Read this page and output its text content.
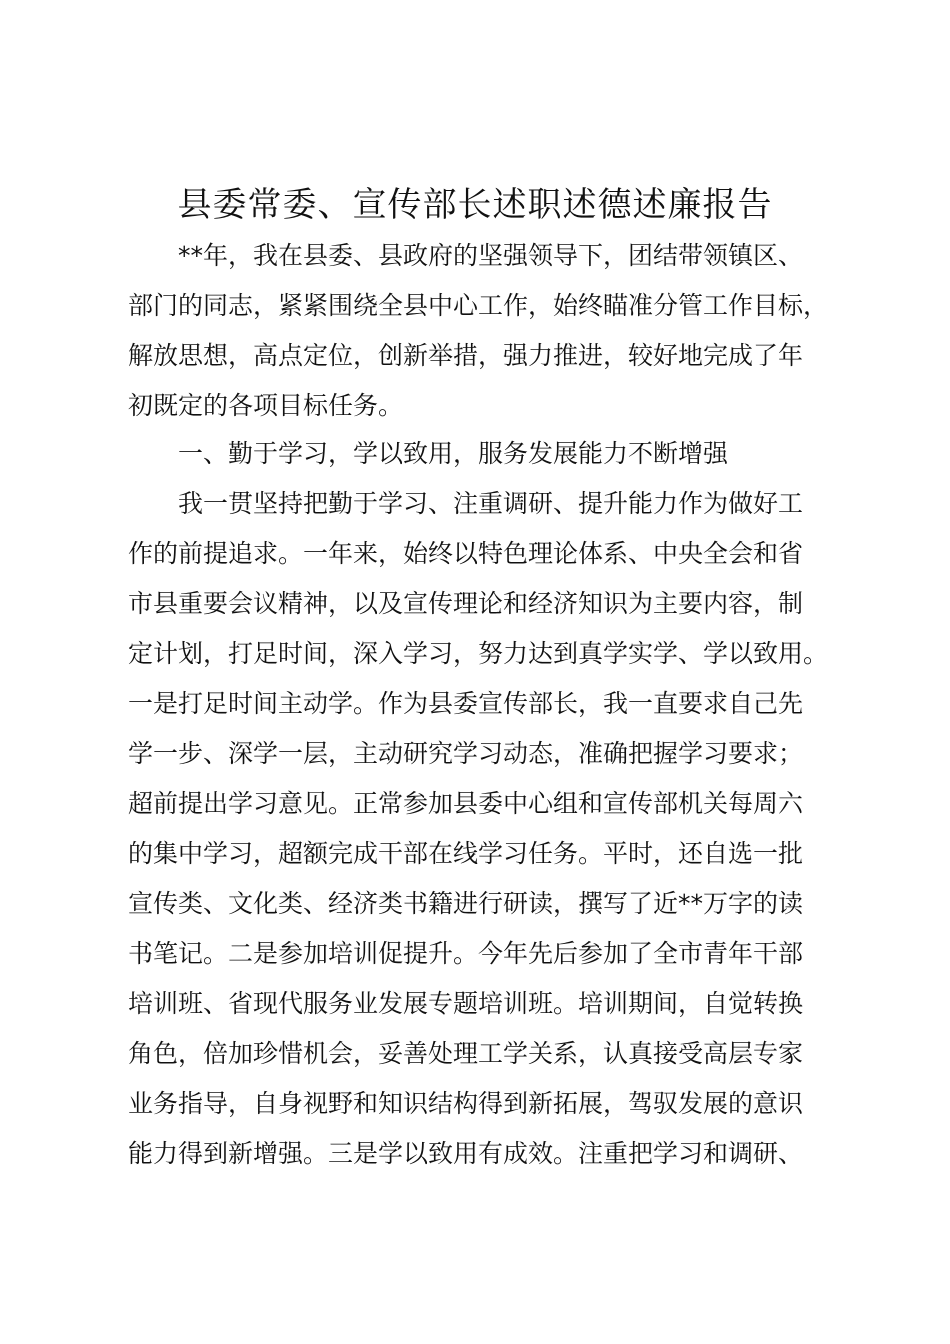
县委常委、宣传部长述职述德述廉报告

**年，我在县委、县政府的坚强领导下，团结带领镇区、

部门的同志，紧紧围绕全县中心工作，始终瞄准分管工作目标，

解放思想，高点定位，创新举措，强力推进，较好地完成了年

初既定的各项目标任务。

一、勤于学习，学以致用，服务发展能力不断增强

我一贯坚持把勤于学习、注重调研、提升能力作为做好工

作的前提追求。一年来，始终以特色理论体系、中央全会和省

市县重要会议精神，以及宣传理论和经济知识为主要内容，制

定计划，打足时间，深入学习，努力达到真学实学、学以致用。

一是打足时间主动学。作为县委宣传部长，我一直要求自己先

学一步、深学一层，主动研究学习动态，准确把握学习要求；

超前提出学习意见。正常参加县委中心组和宣传部机关每周六

的集中学习，超额完成干部在线学习任务。平时，还自选一批

宣传类、文化类、经济类书籍进行研读，撰写了近**万字的读

书笔记。二是参加培训促提升。今年先后参加了全市青年干部

培训班、省现代服务业发展专题培训班。培训期间，自觉转换

角色，倍加珍惜机会，妥善处理工学关系，认真接受高层专家

业务指导，自身视野和知识结构得到新拓展，驾驭发展的意识

能力得到新增强。三是学以致用有成效。注重把学习和调研、
